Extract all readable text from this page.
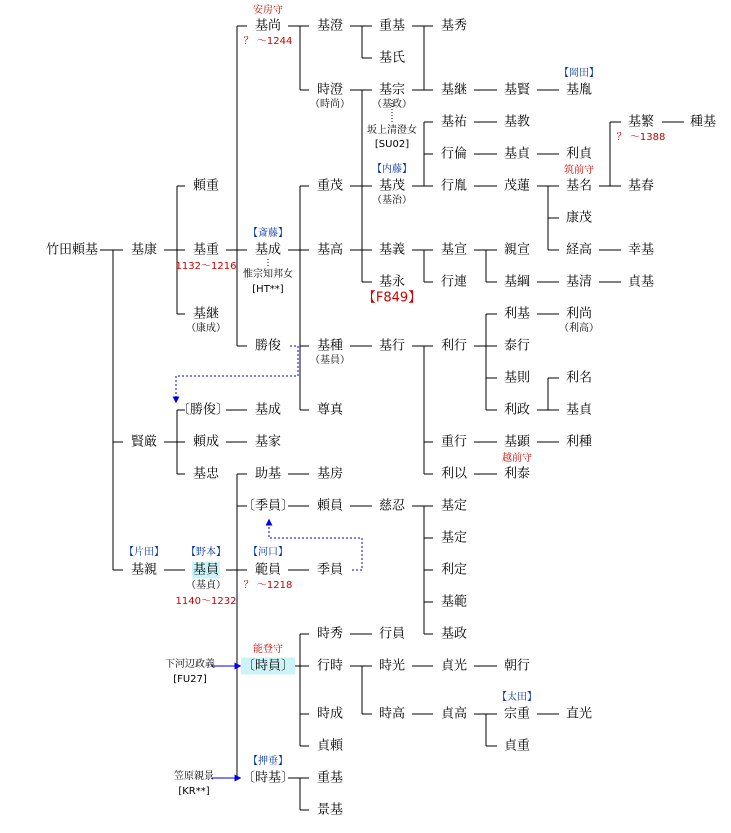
竹田頼基	基康
賢厳
基親
頼重
基重
基継
基尚	基澄	重基	基秀
基氏
時澄	基宗	基継	基賢	基胤
基祐	基教
行倫	基貞	利貞
基繁	種基
重茂	基茂	行胤	茂蓮	基名	基春
康茂
経高	幸基
基成	基高	基義	基宣	親宣
基永	行連	基綱	基清	貞基
勝俊	基種	基行	利行
利基	利尚
泰行
基則	利名
利政	基貞
尊真
〔勝俊〕 基成
頼成	基家	重行	基顕	利種
基忠	助基	基房	利以	利泰
〔季員〕 頼員	慈忍	基定
基定
利定
基範
基政
基員	範員	季員
時秀	行員
〔時員〕 行時	時光	貞光	朝行
時成	時高	貞高	宗重	直光
貞頼	貞重
〔時基〕 重基
景基
安房守
？ 〜1244
（時尚） （基政）
坂上清澄女
[SU02]
【岡田】
【内藤】
（基治）
筑前守
？ 〜1388
【斎藤】
1132〜1216
惟宗知邦女
[HT**]
【F849】
（康成）
（基員）
（利高）
越前守
【片田】 【野本】 【河口】
（基貞）
1140〜1232
？ 〜1218
能登守
下河辺政義
[FU27]
【太田】
【押垂】
笠原親景
[KR**]
